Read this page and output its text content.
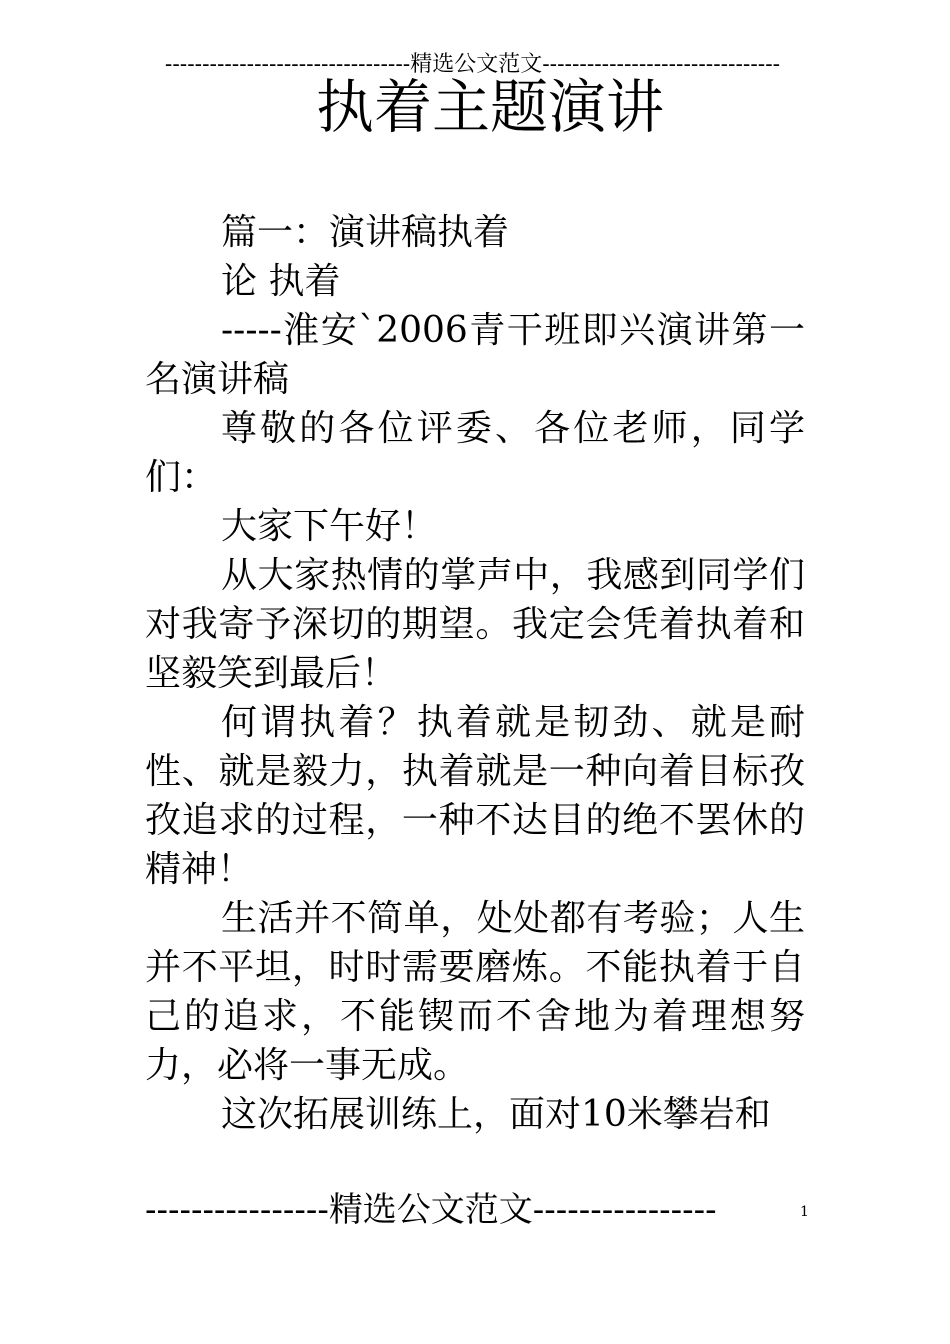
---------------------------------精选公文范文--------------------------------
执着主题演讲

篇一：演讲稿执着

论 执着

-----淮安`2006青干班即兴演讲第一名演讲稿

尊敬的各位评委、各位老师，同学们：

大家下午好！

从大家热情的掌声中，我感到同学们对我寄予深切的期望。我定会凭着执着和坚毅笑到最后！

何谓执着？执着就是韧劲、就是耐性、就是毅力，执着就是一种向着目标孜孜追求的过程，一种不达目的绝不罢休的精神！

生活并不简单，处处都有考验；人生并不平坦，时时需要磨炼。不能执着于自己的追求，不能锲而不舍地为着理想努力，必将一事无成。

这次拓展训练上，面对10米攀岩和

----------------精选公文范文----------------	1
